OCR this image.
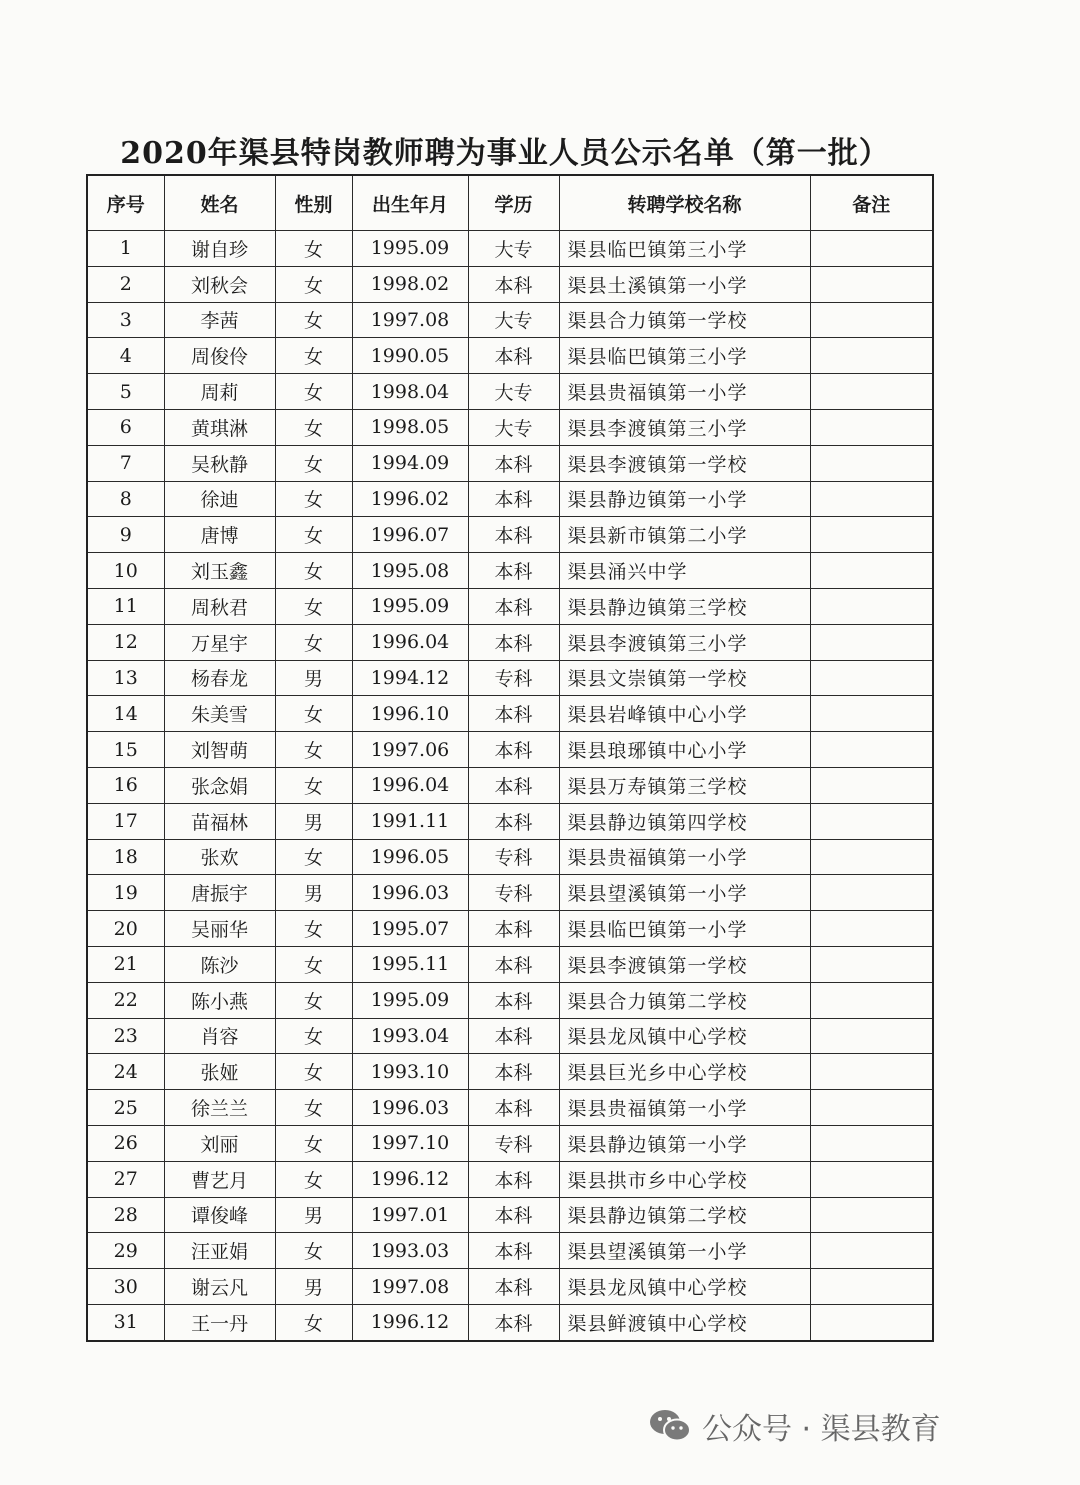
2020年渠县特岗教师聘为事业人员公示名单（第一批）
序号	姓名	性别	出生年月	学历	转聘学校名称	备注
1	谢自珍	女	1995.09	大专	渠县临巴镇第三小学	
2	刘秋会	女	1998.02	本科	渠县土溪镇第一小学	
3	李茜	女	1997.08	大专	渠县合力镇第一学校	
4	周俊伶	女	1990.05	本科	渠县临巴镇第三小学	
5	周莉	女	1998.04	大专	渠县贵福镇第一小学	
6	黄琪淋	女	1998.05	大专	渠县李渡镇第三小学	
7	吴秋静	女	1994.09	本科	渠县李渡镇第一学校	
8	徐迪	女	1996.02	本科	渠县静边镇第一小学	
9	唐博	女	1996.07	本科	渠县新市镇第二小学	
10	刘玉鑫	女	1995.08	本科	渠县涌兴中学	
11	周秋君	女	1995.09	本科	渠县静边镇第三学校	
12	万星宇	女	1996.04	本科	渠县李渡镇第三小学	
13	杨春龙	男	1994.12	专科	渠县文崇镇第一学校	
14	朱美雪	女	1996.10	本科	渠县岩峰镇中心小学	
15	刘智萌	女	1997.06	本科	渠县琅琊镇中心小学	
16	张念娟	女	1996.04	本科	渠县万寿镇第三学校	
17	苗福林	男	1991.11	本科	渠县静边镇第四学校	
18	张欢	女	1996.05	专科	渠县贵福镇第一小学	
19	唐振宇	男	1996.03	专科	渠县望溪镇第一小学	
20	吴丽华	女	1995.07	本科	渠县临巴镇第一小学	
21	陈沙	女	1995.11	本科	渠县李渡镇第一学校	
22	陈小燕	女	1995.09	本科	渠县合力镇第二学校	
23	肖容	女	1993.04	本科	渠县龙凤镇中心学校	
24	张娅	女	1993.10	本科	渠县巨光乡中心学校	
25	徐兰兰	女	1996.03	本科	渠县贵福镇第一小学	
26	刘丽	女	1997.10	专科	渠县静边镇第一小学	
27	曹艺月	女	1996.12	本科	渠县拱市乡中心学校	
28	谭俊峰	男	1997.01	本科	渠县静边镇第二学校	
29	汪亚娟	女	1993.03	本科	渠县望溪镇第一小学	
30	谢云凡	男	1997.08	本科	渠县龙凤镇中心学校	
31	王一丹	女	1996.12	本科	渠县鲜渡镇中心学校	
公众号 · 渠县教育
